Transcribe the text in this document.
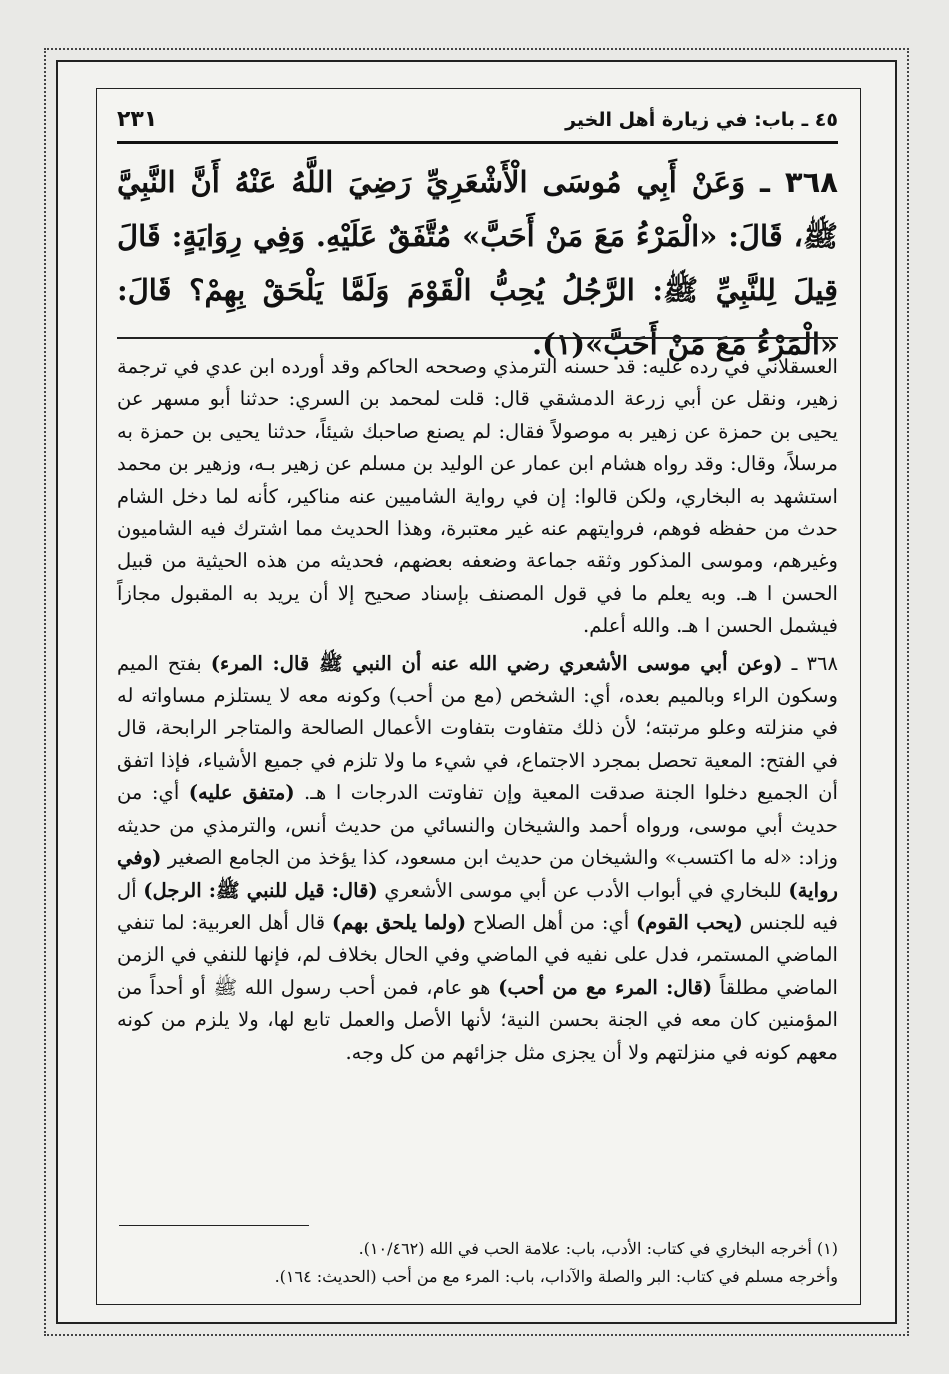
٤٥ ـ باب: في زيارة أهل الخير
٢٣١
٣٦٨ ـ وَعَنْ أَبِي مُوسَى الْأَشْعَرِيِّ رَضِيَ اللَّهُ عَنْهُ أَنَّ النَّبِيَّ ﷺ، قَالَ: «الْمَرْءُ مَعَ مَنْ أَحَبَّ» مُتَّفَقٌ عَلَيْهِ. وَفِي رِوَايَةٍ: قَالَ قِيلَ لِلنَّبِيِّ ﷺ: الرَّجُلُ يُحِبُّ الْقَوْمَ وَلَمَّا يَلْحَقْ بِهِمْ؟ قَالَ: «الْمَرْءُ مَعَ مَنْ أَحَبَّ»(١).

العسقلاني في رده عليه: قد حسنه الترمذي وصححه الحاكم وقد أورده ابن عدي في ترجمة زهير، ونقل عن أبي زرعة الدمشقي قال: قلت لمحمد بن السري: حدثنا أبو مسهر عن يحيى بن حمزة عن زهير به موصولاً فقال: لم يصنع صاحبك شيئاً، حدثنا يحيى بن حمزة به مرسلاً، وقال: وقد رواه هشام ابن عمار عن الوليد بن مسلم عن زهير بـه، وزهير بن محمد استشهد به البخاري، ولكن قالوا: إن في رواية الشاميين عنه مناكير، كأنه لما دخل الشام حدث من حفظه فوهم، فروايتهم عنه غير معتبرة، وهذا الحديث مما اشترك فيه الشاميون وغيرهم، وموسى المذكور وثقه جماعة وضعفه بعضهم، فحديثه من هذه الحيثية من قبيل الحسن ا هـ. وبه يعلم ما في قول المصنف بإسناد صحيح إلا أن يريد به المقبول مجازاً فيشمل الحسن ا هـ. والله أعلم.

٣٦٨ ـ (وعن أبي موسى الأشعري رضي الله عنه أن النبي ﷺ قال: المرء) بفتح الميم وسكون الراء وبالميم بعده، أي: الشخص (مع من أحب) وكونه معه لا يستلزم مساواته له في منزلته وعلو مرتبته؛ لأن ذلك متفاوت بتفاوت الأعمال الصالحة والمتاجر الرابحة، قال في الفتح: المعية تحصل بمجرد الاجتماع، في شيء ما ولا تلزم في جميع الأشياء، فإذا اتفق أن الجميع دخلوا الجنة صدقت المعية وإن تفاوتت الدرجات ا هـ. (متفق عليه) أي: من حديث أبي موسى، ورواه أحمد والشيخان والنسائي من حديث أنس، والترمذي من حديثه وزاد: «له ما اكتسب» والشيخان من حديث ابن مسعود، كذا يؤخذ من الجامع الصغير (وفي رواية) للبخاري في أبواب الأدب عن أبي موسى الأشعري (قال: قيل للنبي ﷺ: الرجل) أل فيه للجنس (يحب القوم) أي: من أهل الصلاح (ولما يلحق بهم) قال أهل العربية: لما تنفي الماضي المستمر، فدل على نفيه في الماضي وفي الحال بخلاف لم، فإنها للنفي في الزمن الماضي مطلقاً (قال: المرء مع من أحب) هو عام، فمن أحب رسول الله ﷺ أو أحداً من المؤمنين كان معه في الجنة بحسن النية؛ لأنها الأصل والعمل تابع لها، ولا يلزم من كونه معهم كونه في منزلتهم ولا أن يجزى مثل جزائهم من كل وجه.

(١) أخرجه البخاري في كتاب: الأدب، باب: علامة الحب في الله (١٠/٤٦٢).
وأخرجه مسلم في كتاب: البر والصلة والآداب، باب: المرء مع من أحب (الحديث: ١٦٤).
